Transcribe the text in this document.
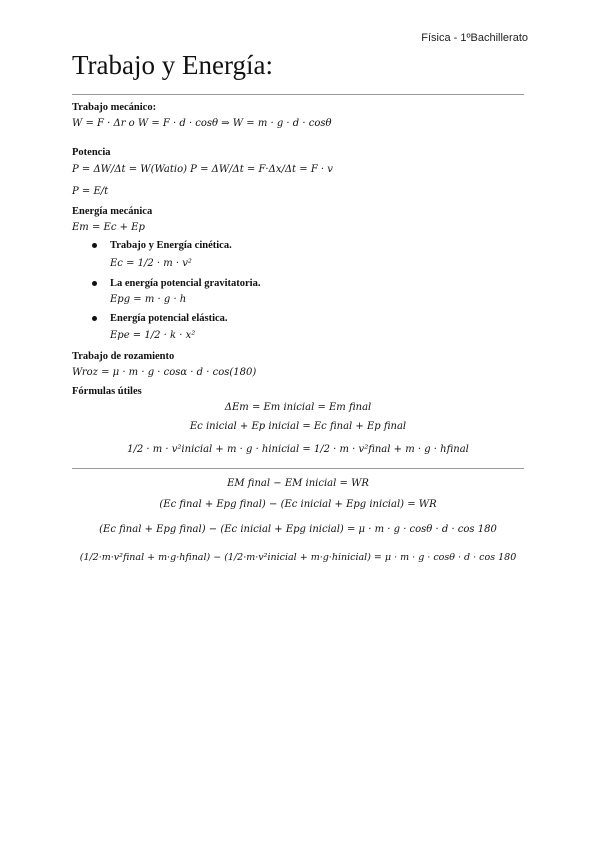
Física - 1ºBachillerato
Trabajo y Energía:
Trabajo mecánico:
W = F · Δr o W = F · d · cosθ ⇒ W = m · g · d · cosθ
Potencia
P = ΔW/Δt = W(Watio) P = ΔW/Δt = F·Δx/Δt = F · v
P = E/t
Energía mecánica
Em = Ec + Ep
Trabajo y Energía cinética.
Ec = 1/2 · m · v²
La energía potencial gravitatoria.
Epg = m · g · h
Energía potencial elástica.
Epe = 1/2 · k · x²
Trabajo de rozamiento
Wroz = μ · m · g · cosα · d · cos(180)
Fórmulas útiles
ΔEm = Em inicial = Em final
Ec inicial + Ep inicial = Ec final + Ep final
1/2 · m · v²inicial + m · g · hinicial = 1/2 · m · v²final + m · g · hfinal
EM final − EM inicial = WR
(Ec final + Epg final) − (Ec inicial + Epg inicial) = WR
(Ec final + Epg final) − (Ec inicial + Epg inicial) = μ · m · g · cosθ · d · cos 180
(1/2·m·v²final + m·g·hfinal) − (1/2·m·v²inicial + m·g·hinicial) = μ · m · g · cosθ · d · cos 180
